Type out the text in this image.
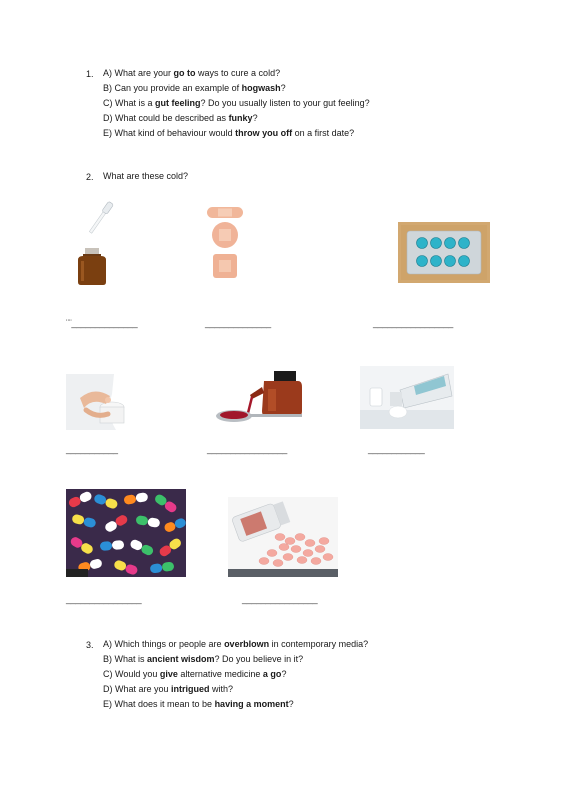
1. A) What are your go to ways to cure a cold?
B) Can you provide an example of hogwash?
C) What is a gut feeling? Do you usually listen to your gut feeling?
D) What could be described as funky?
E) What kind of behaviour would throw you off on a first date?
2. What are these cold?
¨¨______________	______________	_________________
___________	_________________	____________
________________	________________
3. A) Which things or people are overblown in contemporary media?
B) What is ancient wisdom? Do you believe in it?
C) Would you give alternative medicine a go?
D) What are you intrigued with?
E) What does it mean to be having a moment?
